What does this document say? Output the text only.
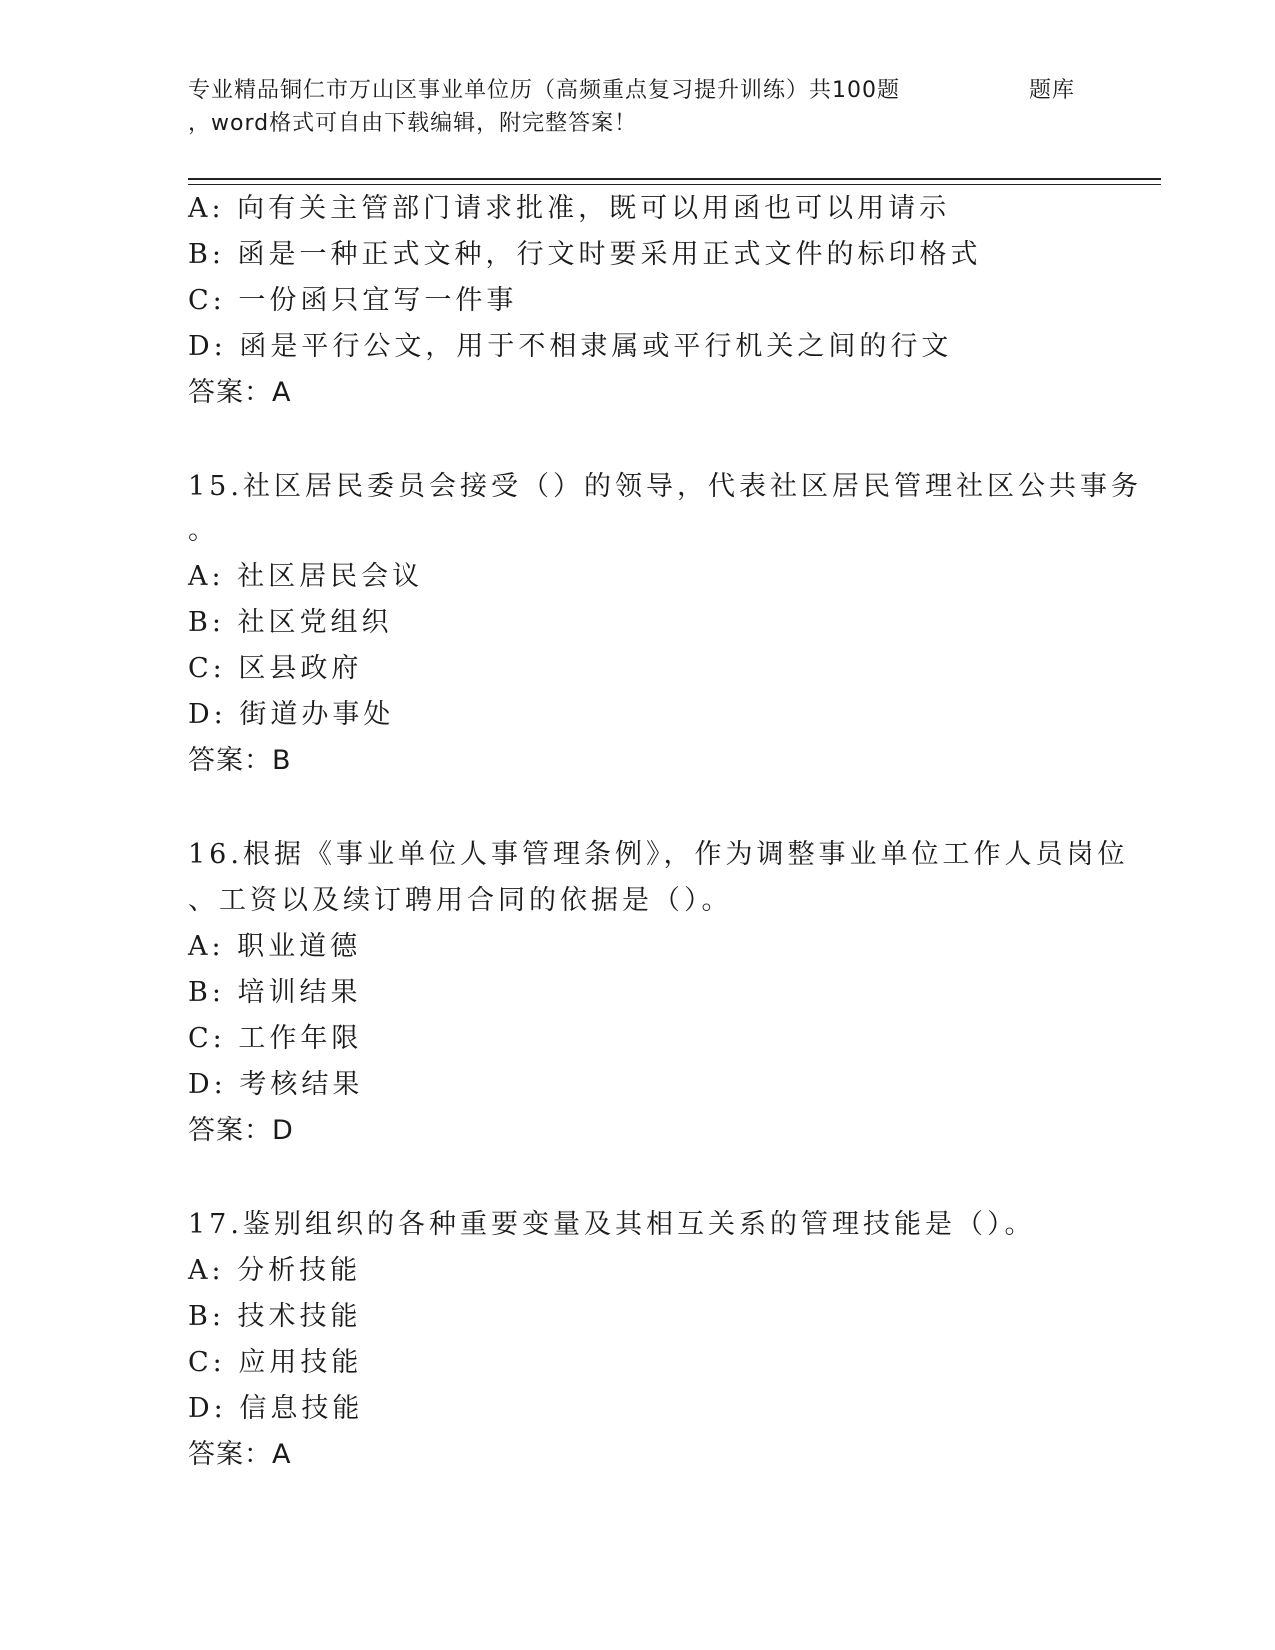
专业精品铜仁市万山区事业单位历（高频重点复习提升训练）共100题	题库
，word格式可自由下载编辑，附完整答案！
A: 向有关主管部门请求批准，既可以用函也可以用请示
B: 函是一种正式文种，行文时要采用正式文件的标印格式
C: 一份函只宜写一件事
D: 函是平行公文，用于不相隶属或平行机关之间的行文
答案：A
15.社区居民委员会接受（）的领导，代表社区居民管理社区公共事务
。
A: 社区居民会议
B: 社区党组织
C: 区县政府
D: 街道办事处
答案：B
16.根据《事业单位人事管理条例》，作为调整事业单位工作人员岗位
、工资以及续订聘用合同的依据是（）。
A: 职业道德
B: 培训结果
C: 工作年限
D: 考核结果
答案：D
17.鉴别组织的各种重要变量及其相互关系的管理技能是（）。
A: 分析技能
B: 技术技能
C: 应用技能
D: 信息技能
答案：A
